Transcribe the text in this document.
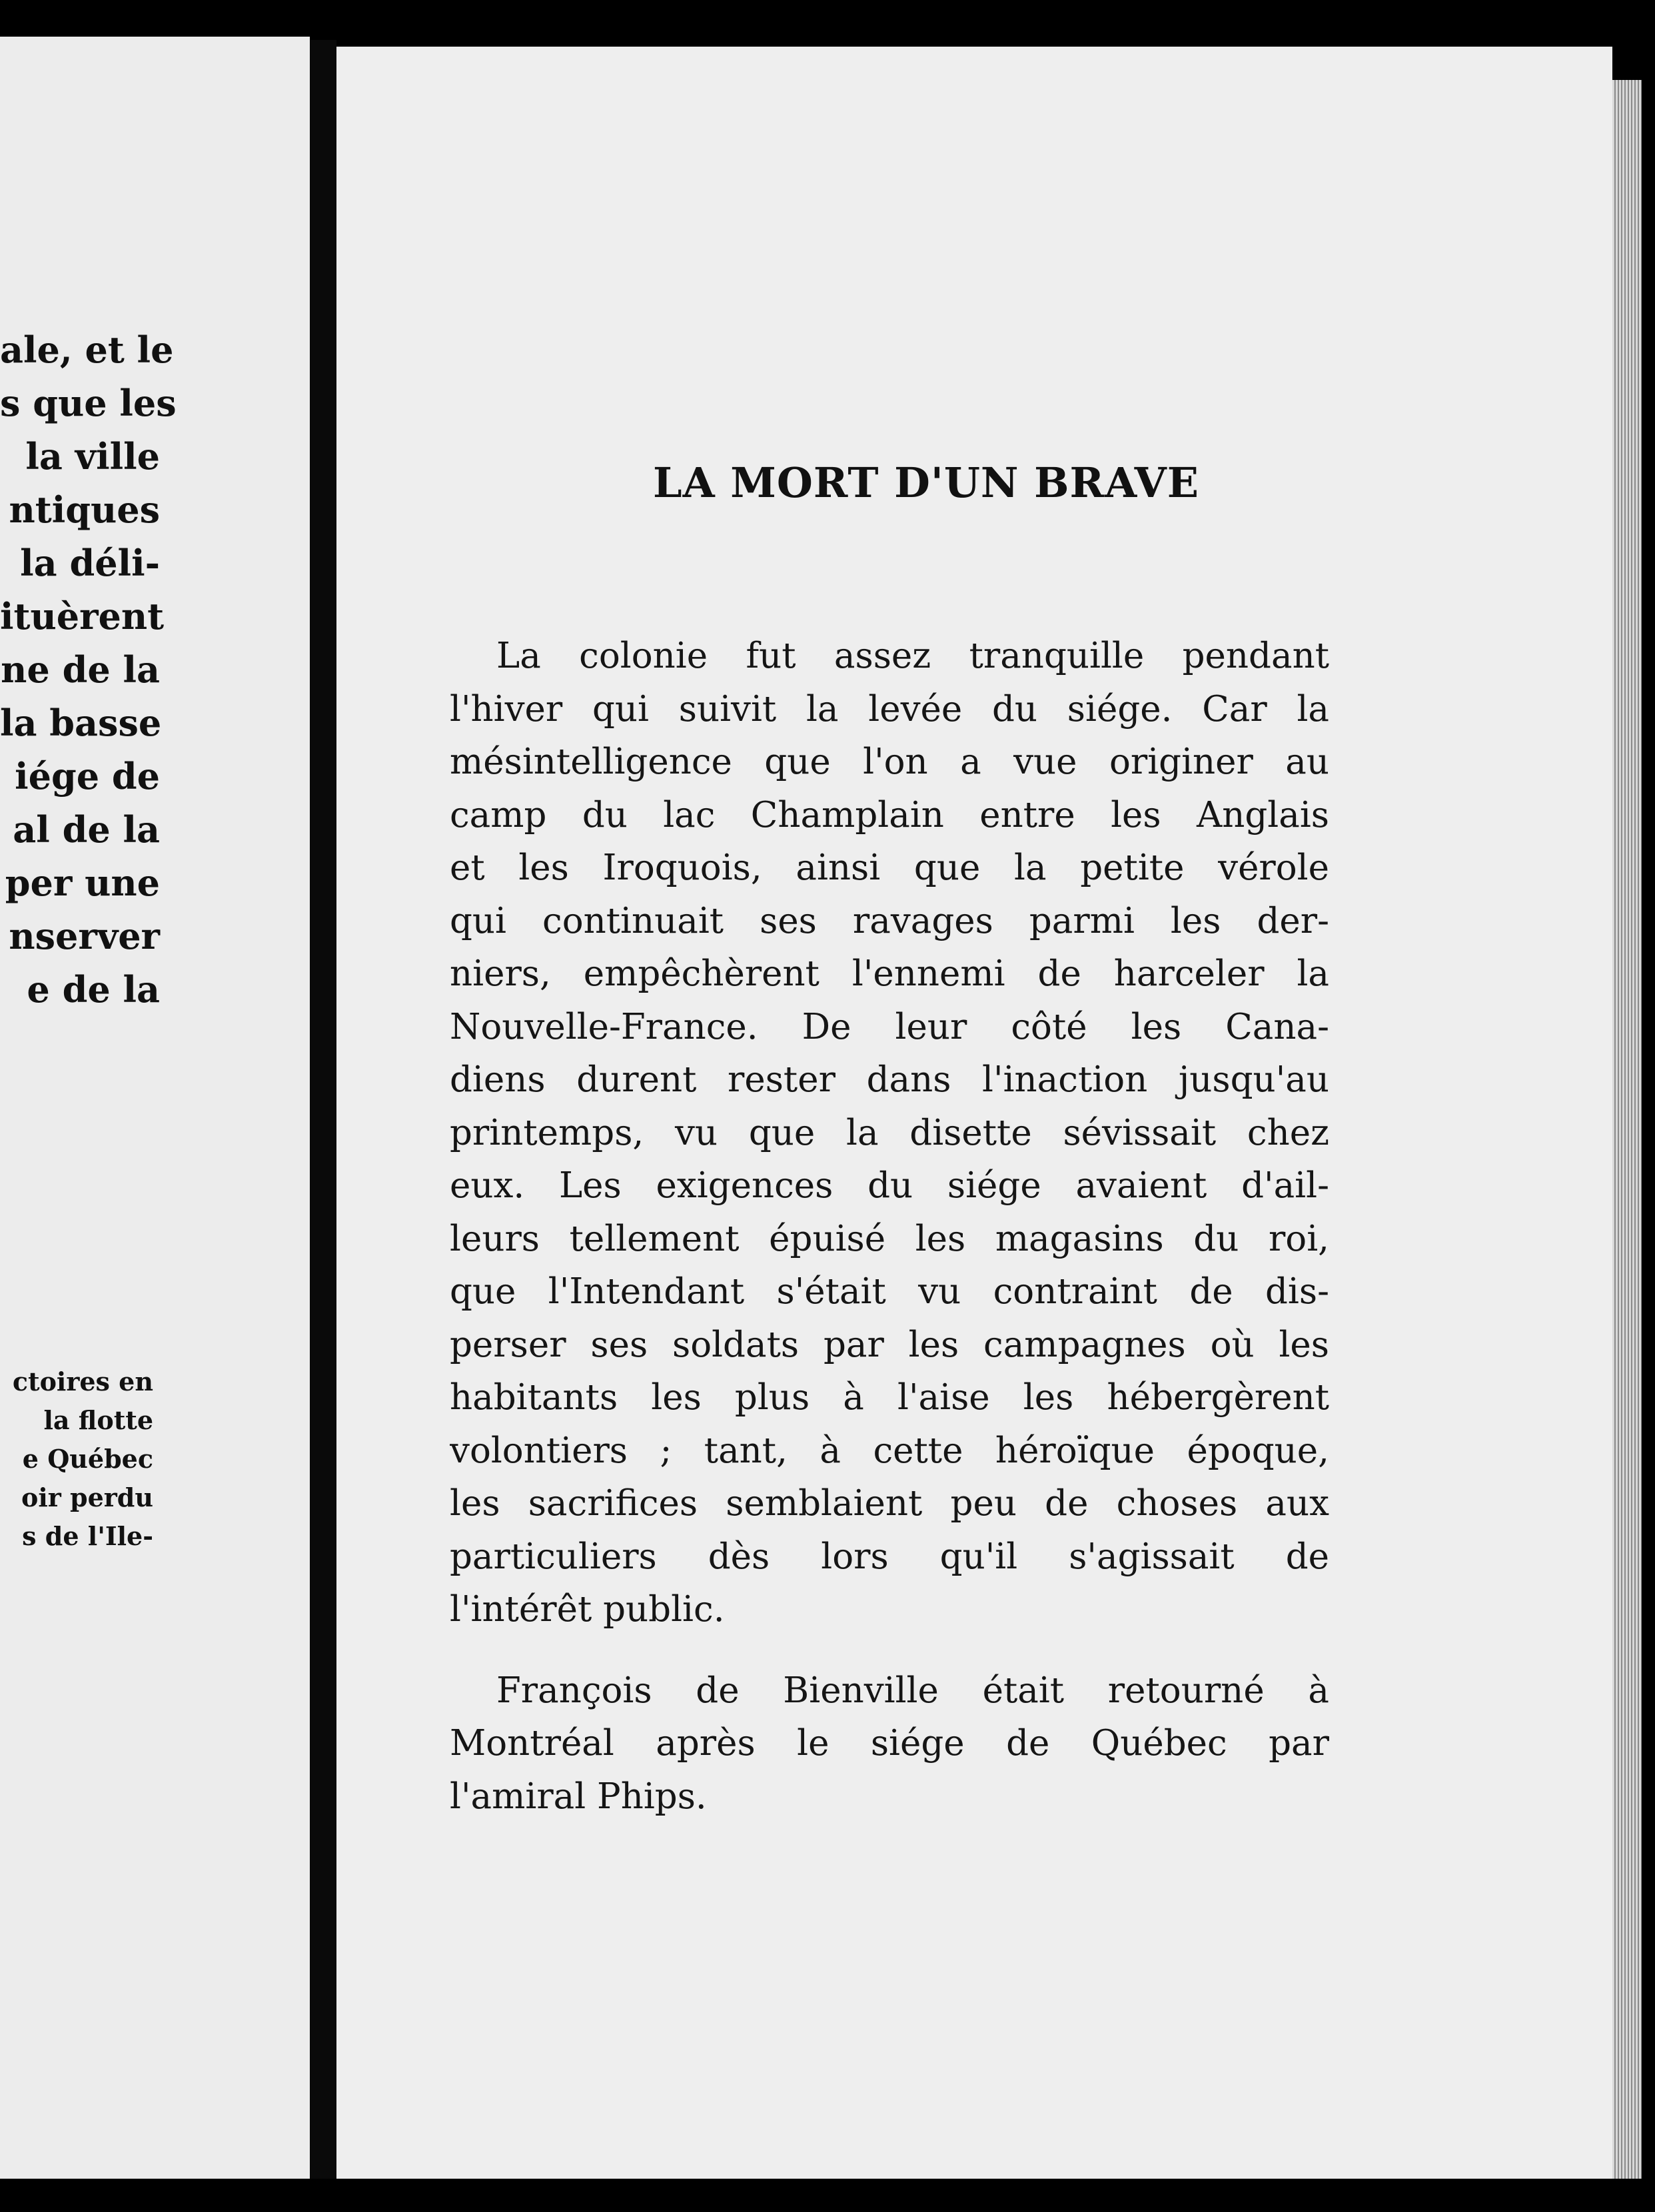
ale, et le
s que les
la ville
ntiques
la déli-
ituèrent
ne de la
la basse
iége de
al de la
per une
nserver
e de la
ctoires en
la flotte
e Québec
oir perdu
s de l'Ile-
LA MORT D'UN BRAVE
La colonie fut assez tranquille pendant
l'hiver qui suivit la levée du siége. Car la
mésintelligence que l'on a vue originer au
camp du lac Champlain entre les Anglais
et les Iroquois, ainsi que la petite vérole
qui continuait ses ravages parmi les der-
niers, empêchèrent l'ennemi de harceler la
Nouvelle-France. De leur côté les Cana-
diens durent rester dans l'inaction jusqu'au
printemps, vu que la disette sévissait chez
eux. Les exigences du siége avaient d'ail-
leurs tellement épuisé les magasins du roi,
que l'Intendant s'était vu contraint de dis-
perser ses soldats par les campagnes où les
habitants les plus à l'aise les hébergèrent
volontiers ; tant, à cette héroïque époque,
les sacrifices semblaient peu de choses aux
particuliers dès lors qu'il s'agissait de
l'intérêt public.
François de Bienville était retourné à
Montréal après le siége de Québec par
l'amiral Phips.
